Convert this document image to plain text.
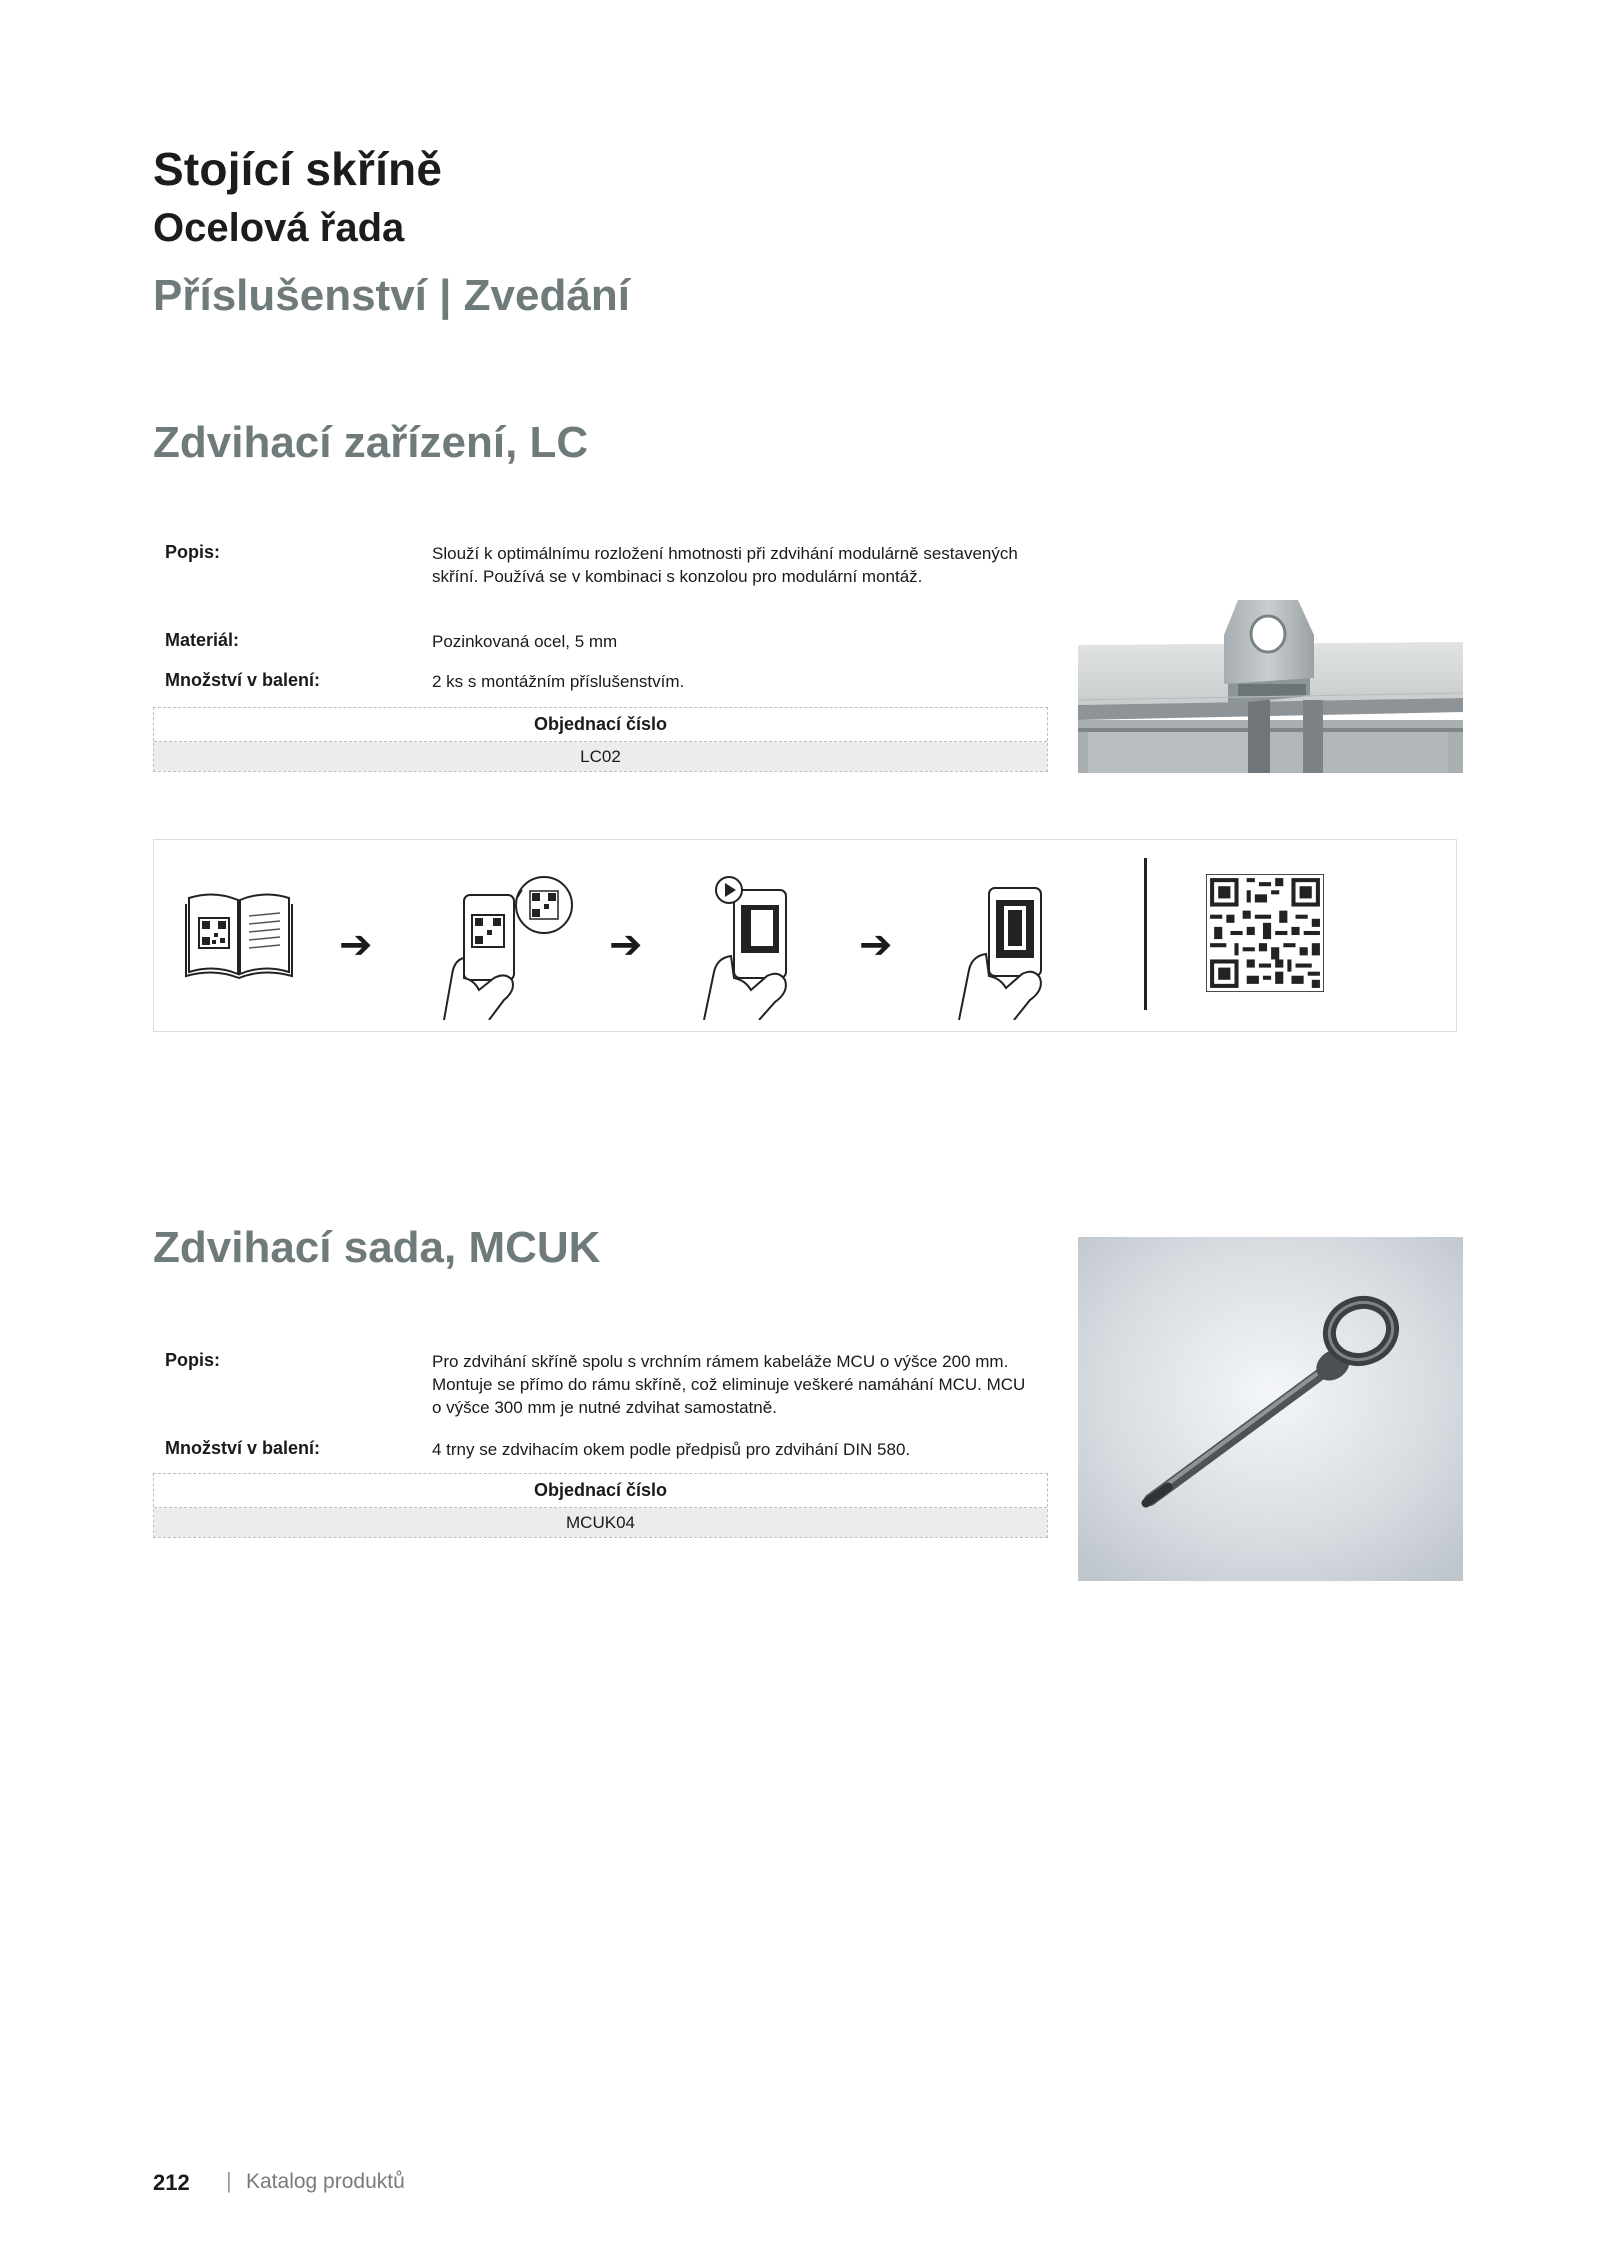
Stojící skříně
Ocelová řada
Příslušenství | Zvedání
Zdvihací zařízení, LC
Popis:	Slouží k optimálnímu rozložení hmotnosti při zdvihání modulárně sestavených skříní. Používá se v kombinaci s konzolou pro modulární montáž.
Materiál:	Pozinkovaná ocel, 5 mm
Množství v balení:	2 ks s montážním příslušenstvím.
Objednací číslo
LC02
➔	➔	➔
Zdvihací sada, MCUK
Popis:	Pro zdvihání skříně spolu s vrchním rámem kabeláže MCU o výšce 200 mm. Montuje se přímo do rámu skříně, což eliminuje veškeré namáhání MCU. MCU o výšce 300 mm je nutné zdvihat samostatně.
Množství v balení:	4 trny se zdvihacím okem podle předpisů pro zdvihání DIN 580.
Objednací číslo
MCUK04
212 | Katalog produktů
